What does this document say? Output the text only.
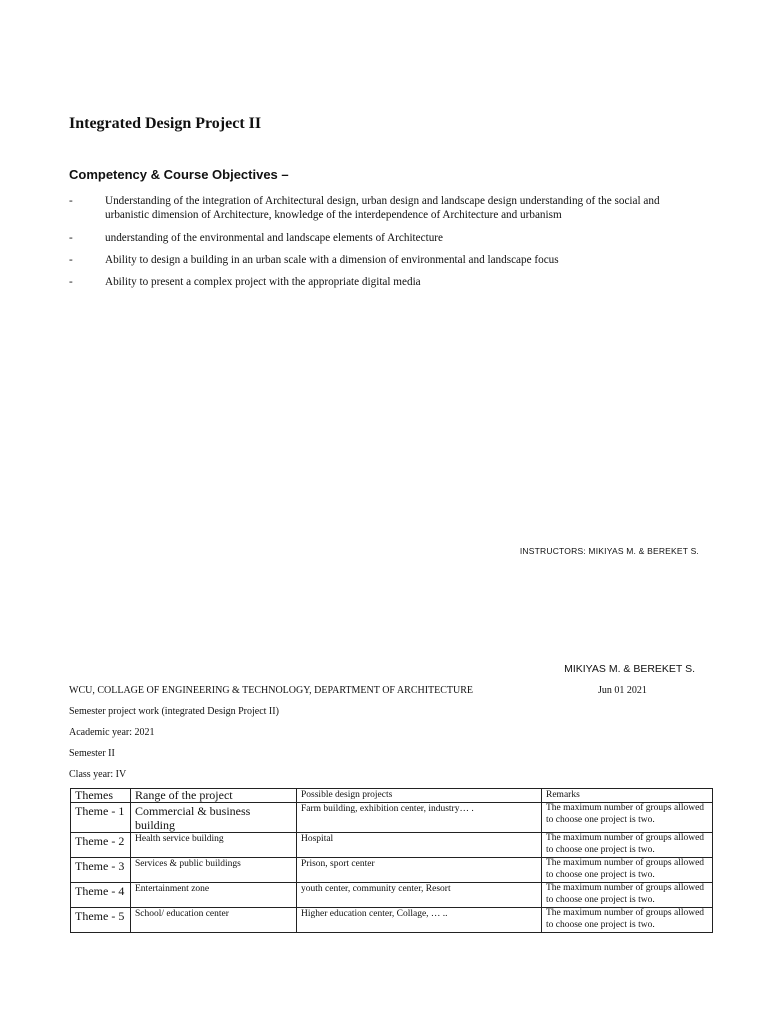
Integrated Design Project II
Competency & Course Objectives –
-	Understanding of the integration of Architectural design, urban design and landscape design understanding of the social and urbanistic dimension of Architecture, knowledge of the interdependence of Architecture and urbanism
-	understanding of the environmental and landscape elements of Architecture
-	Ability to design a building in an urban scale with a dimension of environmental and landscape focus
-	Ability to present a complex project with the appropriate digital media
INSTRUCTORS: MIKIYAS M. & BEREKET S.
MIKIYAS M. & BEREKET S.
WCU, COLLAGE OF ENGINEERING & TECHNOLOGY, DEPARTMENT OF ARCHITECTURE	Jun 01 2021
Semester project work (integrated Design Project II)
Academic year: 2021
Semester II
Class year: IV
Themes	Range of the project	Possible design projects	Remarks
Theme - 1	Commercial & business building	Farm building, exhibition center, industry… .	The maximum number of groups allowed to choose one project is two.
Theme - 2	Health service building	Hospital	The maximum number of groups allowed to choose one project is two.
Theme - 3	Services & public buildings	Prison, sport center	The maximum number of groups allowed to choose one project is two.
Theme - 4	Entertainment zone	youth center, community center, Resort	The maximum number of groups allowed to choose one project is two.
Theme - 5	School/ education center	Higher education center, Collage, … ..	The maximum number of groups allowed to choose one project is two.
